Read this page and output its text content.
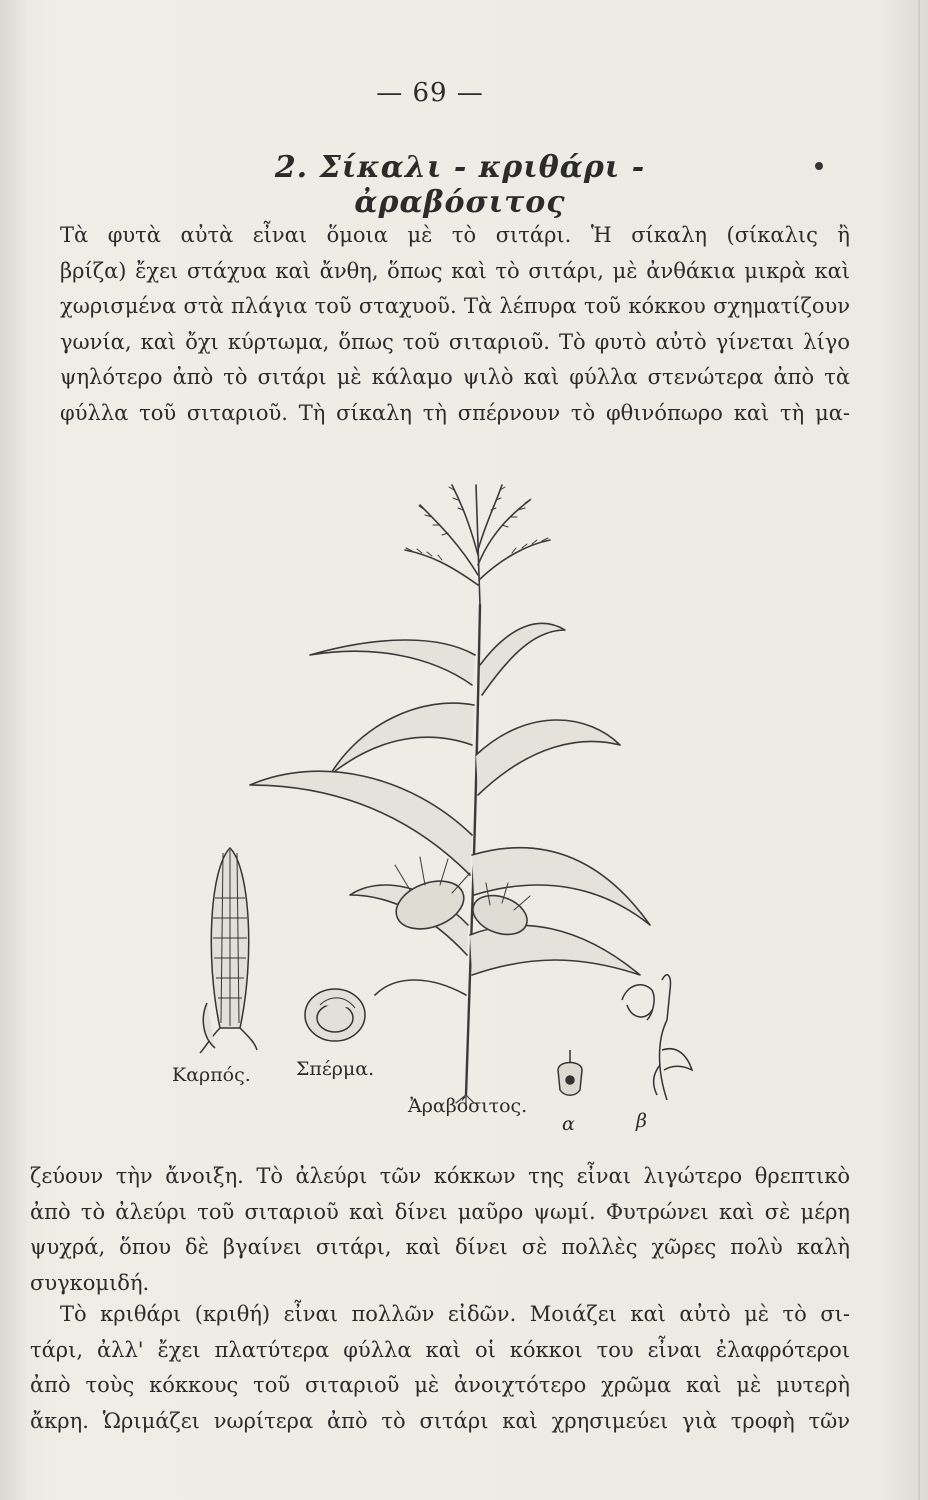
— 69 —
2. Σίκαλι - κριθάρι - ἀραβόσιτος
Τὰ φυτὰ αὐτὰ εἶναι ὅμοια μὲ τὸ σιτάρι. Ἡ σίκαλη (σίκαλις ἢ
βρίζα) ἔχει στάχυα καὶ ἄνθη, ὅπως καὶ τὸ σιτάρι, μὲ ἀνθάκια μικρὰ καὶ
χωρισμένα στὰ πλάγια τοῦ σταχυοῦ. Τὰ λέπυρα τοῦ κόκκου σχηματίζουν
γωνία, καὶ ὄχι κύρτωμα, ὅπως τοῦ σιταριοῦ. Τὸ φυτὸ αὐτὸ γίνεται λίγο
ψηλότερο ἀπὸ τὸ σιτάρι μὲ κάλαμο ψιλὸ καὶ φύλλα στενώτερα ἀπὸ τὰ
φύλλα τοῦ σιταριοῦ. Τὴ σίκαλη τὴ σπέρνουν τὸ φθινόπωρο καὶ τὴ μα-
Καρπός. Σπέρμα.
Ἀραβόσιτος.
α	β
ζεύουν τὴν ἄνοιξη. Τὸ ἀλεύρι τῶν κόκκων της εἶναι λιγώτερο θρεπτικὸ
ἀπὸ τὸ ἀλεύρι τοῦ σιταριοῦ καὶ δίνει μαῦρο ψωμί. Φυτρώνει καὶ σὲ μέρη
ψυχρά, ὅπου δὲ βγαίνει σιτάρι, καὶ δίνει σὲ πολλὲς χῶρες πολὺ καλὴ
συγκομιδή.
Τὸ κριθάρι (κριθή) εἶναι πολλῶν εἰδῶν. Μοιάζει καὶ αὐτὸ μὲ τὸ σι-
τάρι, ἀλλ' ἔχει πλατύτερα φύλλα καὶ οἱ κόκκοι του εἶναι ἐλαφρότεροι
ἀπὸ τοὺς κόκκους τοῦ σιταριοῦ μὲ ἀνοιχτότερο χρῶμα καὶ μὲ μυτερὴ
ἄκρη. Ὡριμάζει νωρίτερα ἀπὸ τὸ σιτάρι καὶ χρησιμεύει γιὰ τροφὴ τῶν
